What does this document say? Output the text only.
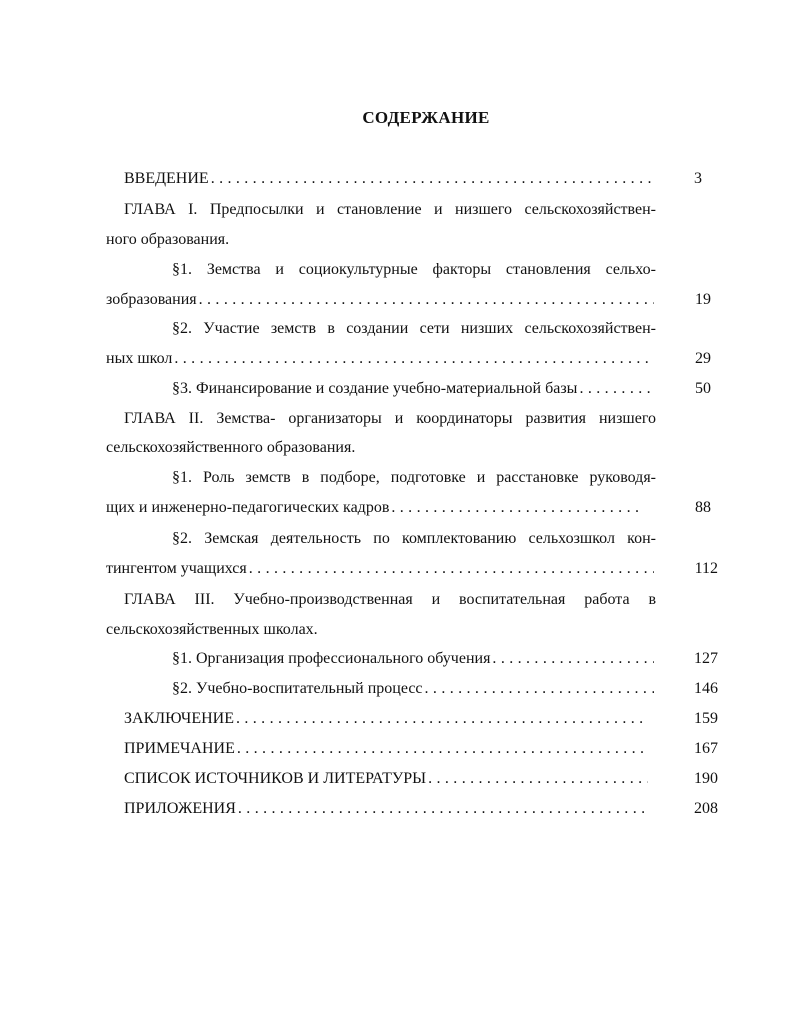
СОДЕРЖАНИЕ
ВВЕДЕНИЕ . . .	3
ГЛАВА I. Предпосылки и становление и низшего сельскохозяйствен-
ного образования.
§1. Земства и социокультурные факторы становления сельхо-
зобразования . . .	19
§2. Участие земств в создании сети низших сельскохозяйствен-
ных школ . . .	29
§3. Финансирование и создание учебно-материальной базы . . .	50
ГЛАВА II. Земства- организаторы и координаторы развития низшего
сельскохозяйственного образования.
§1. Роль земств в подборе, подготовке и расстановке руководя-
щих и инженерно-педагогических кадров . . .	88
§2. Земская деятельность по комплектованию сельхозшкол кон-
тингентом учащихся . . .	112
ГЛАВА III. Учебно-производственная и воспитательная работа в
сельскохозяйственных школах.
§1. Организация профессионального обучения . . .	127
§2. Учебно-воспитательный процесс . . .	146
ЗАКЛЮЧЕНИЕ . . .	159
ПРИМЕЧАНИЕ . . .	167
СПИСОК ИСТОЧНИКОВ И ЛИТЕРАТУРЫ . . .	190
ПРИЛОЖЕНИЯ . . .	208
